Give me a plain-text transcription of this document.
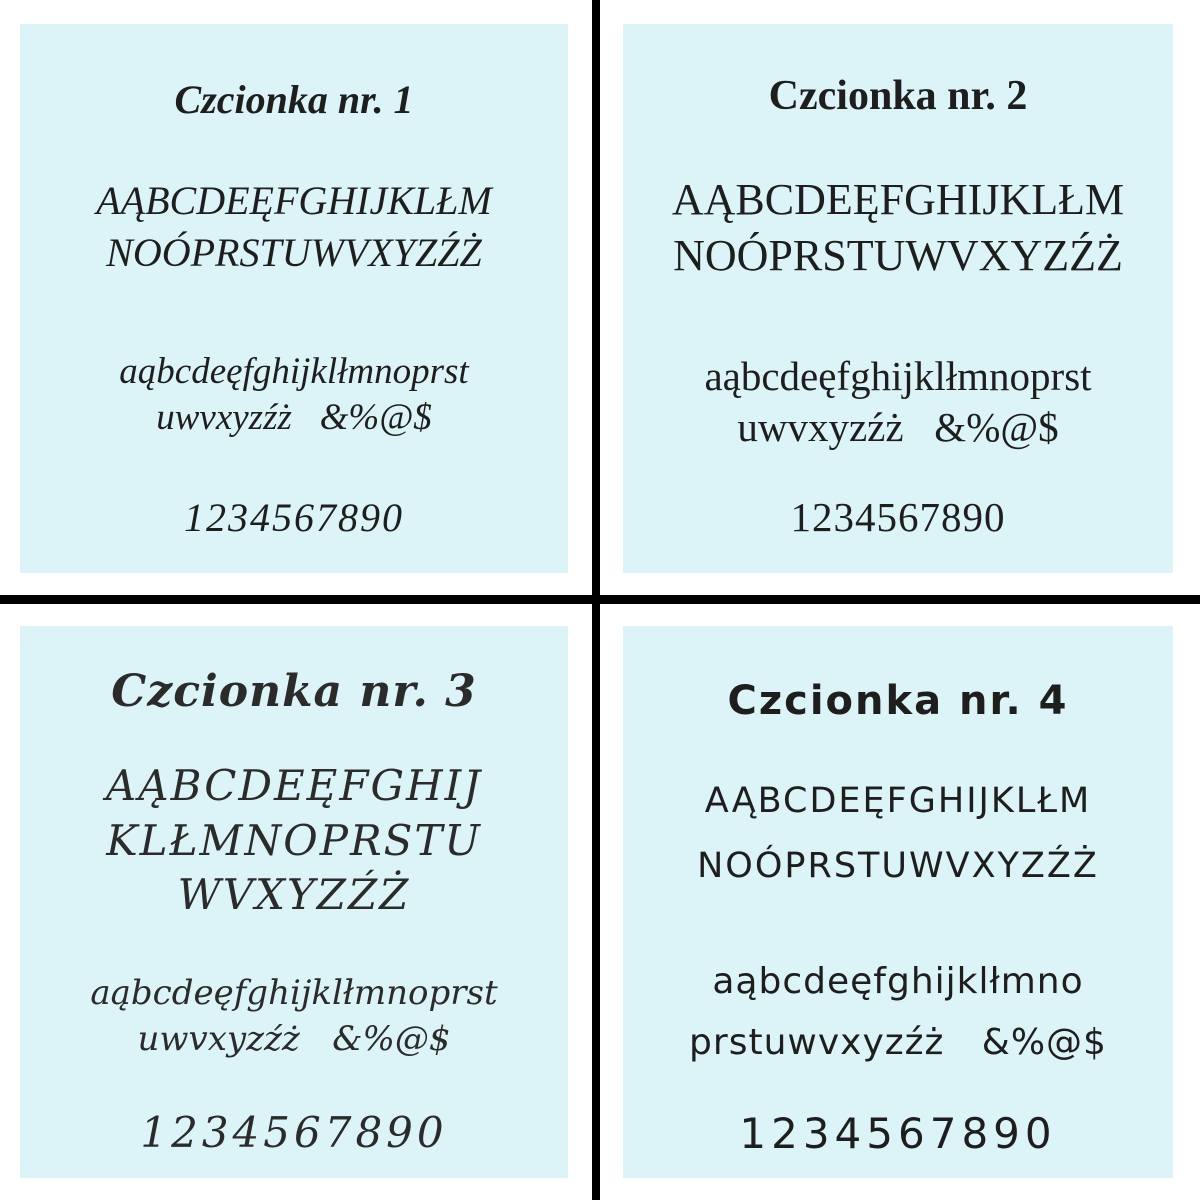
Czcionka nr. 1
AĄBCDEĘFGHIJKLŁM
NOÓPRSTUWVXYZŹŻ
aąbcdeęfghijklłmnoprst
uwvxyzźż   &%@$
1234567890
Czcionka nr. 2
AĄBCDEĘFGHIJKLŁM
NOÓPRSTUWVXYZŹŻ
aąbcdeęfghijklłmnoprst
uwvxyzźż   &%@$
1234567890
Czcionka nr. 3
AĄBCDEĘFGHIJ
KLŁMNOPRSTU
WVXYZŹŻ
aąbcdeęfghijklłmnoprst
uwvxyzźż   &%@$
1234567890
Czcionka nr. 4
AĄBCDEĘFGHIJKLŁM
NOÓPRSTUWVXYZŹŻ
aąbcdeęfghijklłmno
prstuwvxyzźż   &%@$
1234567890
